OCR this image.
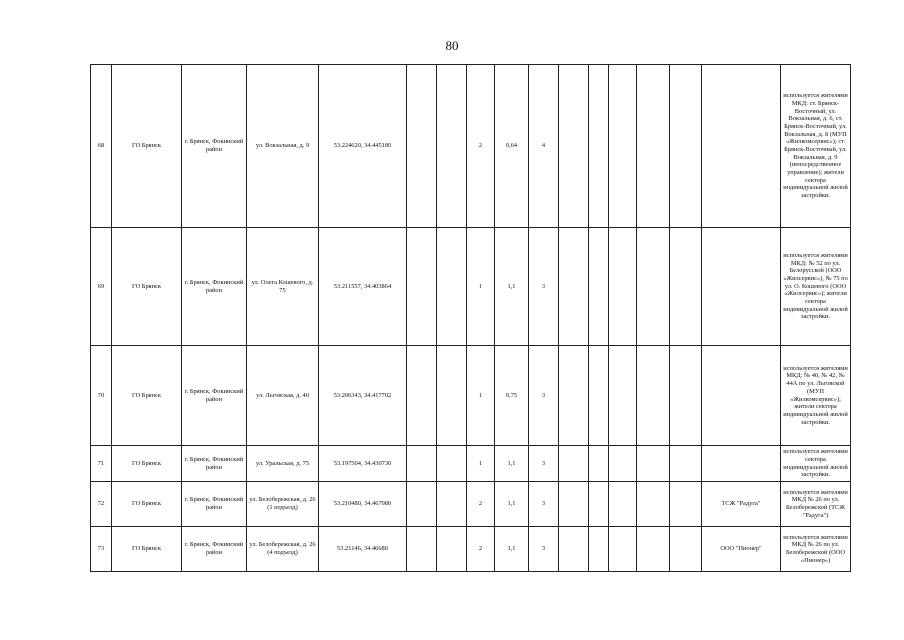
80
68	ГО Брянск	г. Брянск, Фокинский район	ул. Вокзальная, д. 9	53.224620, 34.445180			2	0,64	4							используется жителями МКД: ст. Брянск-Восточный, ул. Вокзальная, д. 6, ст. Брянск-Восточный, ул. Вокзальная, д. 8 (МУП «Жилкомсервис»); ст. Брянск-Восточный, ул. Вокзальная, д. 9 (непосредственное управление); жители сектора индивидуальной жилой застройки.
69	ГО Брянск	г. Брянск, Фокинский район	ул. Олега Кошевого, д. 75	53.211557, 34.403864			1	1,1	3							используется жителями МКД: № 52 по ул. Белорусской (ООО «Жилсервис»), № 75 по ул. О. Кошевого (ООО «Жилсервис»); жители сектора индивидуальной жилой застройки.
70	ГО Брянск	г. Брянск, Фокинский район	ул. Льговская, д. 40	53.206343, 34.417702			1	0,75	3							используется жителями МКД: № 40, № 42, № 44А по ул. Льговской (МУП «Жилкомсервис»); жители сектора индивидуальной жилой застройки.
71	ГО Брянск	г. Брянск, Фокинский район	ул. Уральская, д. 75	53.197504, 34.430730			1	1,1	3							используется жителями сектора индивидуальной жилой застройки.
72	ГО Брянск	г. Брянск, Фокинский район	ул. Белобережская, д. 26 (1 подъезд)	53.210480, 34.467980			2	1,1	3						ТСЖ "Радуга"	используется жителями МКД № 26 по ул. Белобережской (ТСЖ "Радуга")
73	ГО Брянск	г. Брянск, Фокинский район	ул. Белобережская, д. 26 (4 подъезд)	53.21146, 34.46680			2	1,1	3						ООО "Пионер"	используется жителями МКД № 26 по ул. Белобережской (ООО «Пионер»)
